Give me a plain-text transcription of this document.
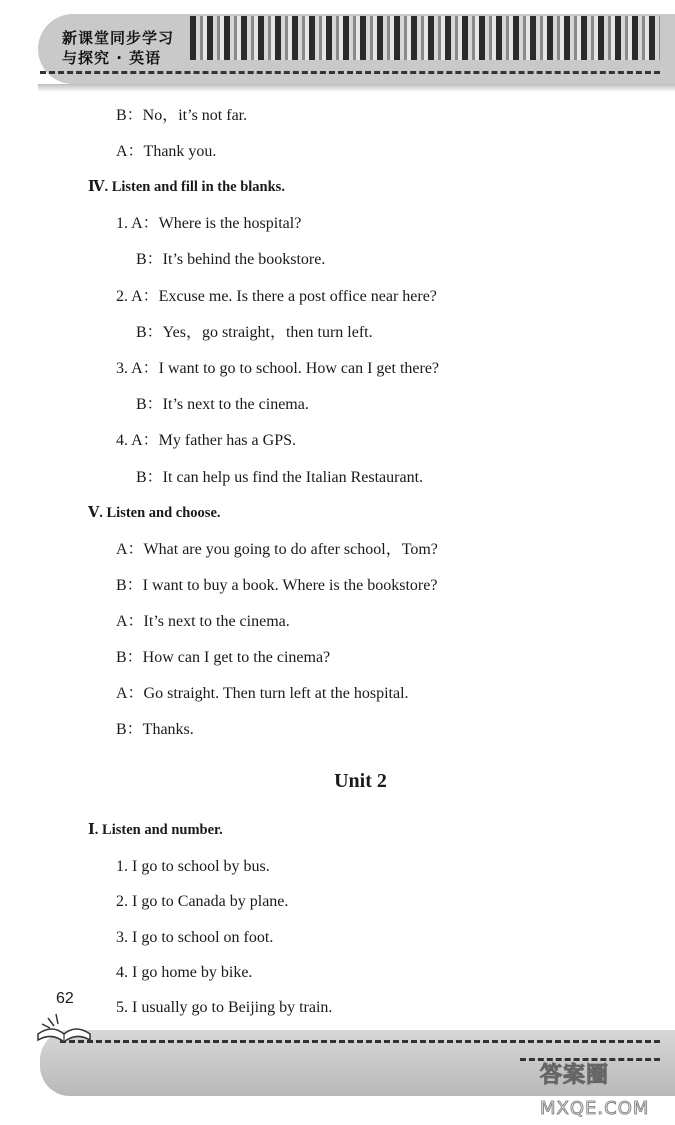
新课堂同步学习
与探究 · 英语
B：No，it’s not far.
A：Thank you.
Ⅳ. Listen and fill in the blanks.
1. A：Where is the hospital?
B：It’s behind the bookstore.
2. A：Excuse me. Is there a post office near here?
B：Yes，go straight，then turn left.
3. A：I want to go to school. How can I get there?
B：It’s next to the cinema.
4. A：My father has a GPS.
B：It can help us find the Italian Restaurant.
Ⅴ. Listen and choose.
A：What are you going to do after school，Tom?
B：I want to buy a book. Where is the bookstore?
A：It’s next to the cinema.
B：How can I get to the cinema?
A：Go straight. Then turn left at the hospital.
B：Thanks.
Unit 2
Ⅰ. Listen and number.
1. I go to school by bus.
2. I go to Canada by plane.
3. I go to school on foot.
4. I go home by bike.
5. I usually go to Beijing by train.
62
答案圈
MXQE.COM
